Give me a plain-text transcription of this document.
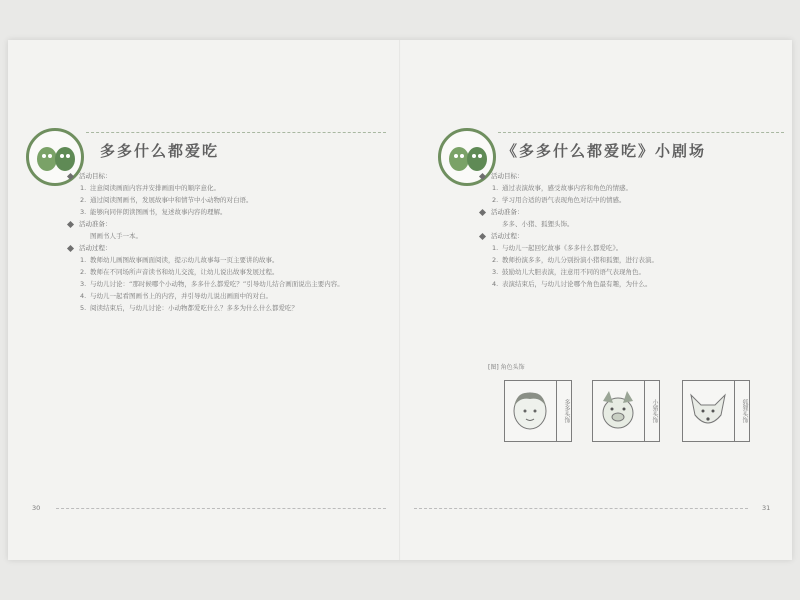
多多什么都爱吃
活动目标：
1. 注意阅读画面内容并安排画面中的顺序意化。
2. 通过阅读图画书，发展故事中和情节中小动物的对白语。
3. 能够向同伴朗读图画书，复述故事内容的理解。
活动准备：
图画书人手一本。
活动过程：
1. 教师幼儿画图故事画面阅读，提示幼儿故事每一页主要讲的故事。
2. 教师在不同场所声音读书和幼儿交流，让幼儿说出故事发展过程。
3. 与幼儿讨论：“那时候哪个小动物，多多什么都爱吃？”引导幼儿结合画面说出主要内容。
4. 与幼儿一起看图画书上的内容，并引导幼儿说出画面中的对白。
5. 阅读结束后，与幼儿讨论：小动物都爱吃什么？多多为什么什么都爱吃？
30
《多多什么都爱吃》小剧场
活动目标：
1. 通过表演故事，感受故事内容和角色的情感。
2. 学习用合适的语气表现角色对话中的情感。
活动准备：
多多、小猪、狐狸头饰。
活动过程：
1. 与幼儿一起回忆故事《多多什么都爱吃》。
2. 教师扮演多多，幼儿分别扮演小猪和狐狸，进行表演。
3. 鼓励幼儿大胆表演，注意用不同的语气表现角色。
4. 表演结束后，与幼儿讨论哪个角色最有趣，为什么。
[图] 角色头饰
多多头饰	小猪头饰	狐狸头饰
31
